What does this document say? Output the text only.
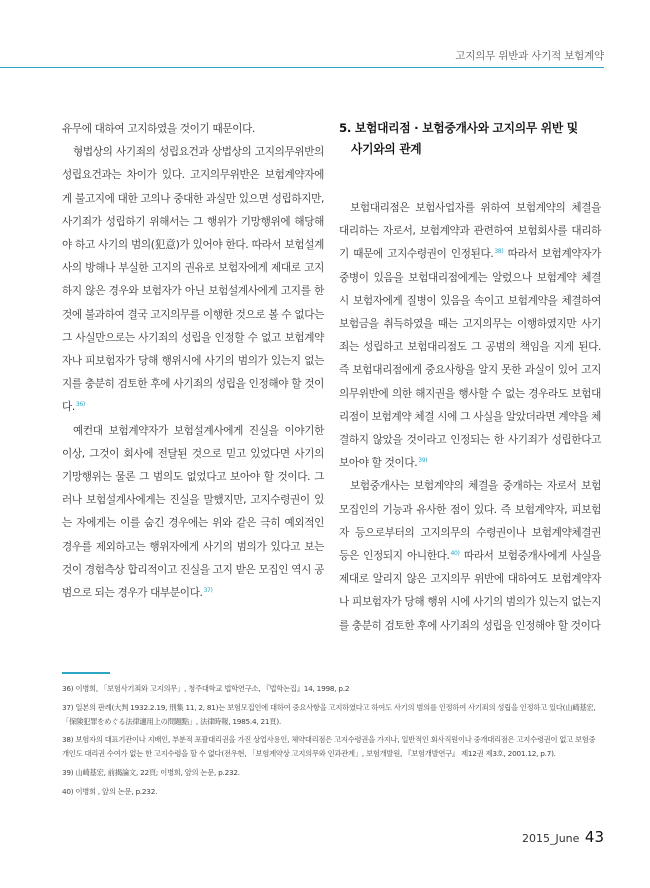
고지의무 위반과 사기적 보험계약

유무에 대하여 고지하였을 것이기 때문이다.

형법상의 사기죄의 성립요건과 상법상의 고지의무위반의 성립요건과는 차이가 있다. 고지의무위반은 보험계약자에게 불고지에 대한 고의나 중대한 과실만 있으면 성립하지만, 사기죄가 성립하기 위해서는 그 행위가 기망행위에 해당해야 하고 사기의 범의(犯意)가 있어야 한다. 따라서 보험설계사의 방해나 부실한 고지의 권유로 보험자에게 제대로 고지하지 않은 경우와 보험자가 아닌 보험설계사에게 고지를 한 것에 불과하여 결국 고지의무를 이행한 것으로 볼 수 없다는 그 사실만으로는 사기죄의 성립을 인정할 수 없고 보험계약자나 피보험자가 당해 행위시에 사기의 범의가 있는지 없는지를 충분히 검토한 후에 사기죄의 성립을 인정해야 할 것이다.$^{36)}$

예컨대 보험계약자가 보험설계사에게 진실을 이야기한 이상, 그것이 회사에 전달된 것으로 믿고 있었다면 사기의 기망행위는 물론 그 범의도 없었다고 보아야 할 것이다. 그러나 보험설계사에게는 진실을 말했지만, 고지수령권이 있는 자에게는 이를 숨긴 경우에는 위와 같은 극히 예외적인 경우를 제외하고는 행위자에게 사기의 범의가 있다고 보는 것이 경험측상 합리적이고 진실을 고지 받은 모집인 역시 공범으로 되는 경우가 대부분이다.$^{37)}$

5. 보험대리점 · 보험중개사와 고지의무 위반 및
사기와의 관계

보험대리점은 보험사업자를 위하여 보험계약의 체결을 대리하는 자로서, 보험계약과 관련하여 보험회사를 대리하기 때문에 고지수령권이 인정된다.$^{38)}$ 따라서 보험계약자가 중병이 있음을 보험대리점에게는 알렸으나 보험계약 체결시 보험자에게 질병이 있음을 속이고 보험계약을 체결하여 보험금을 취득하였을 때는 고지의무는 이행하였지만 사기죄는 성립하고 보험대리점도 그 공범의 책임을 지게 된다. 즉 보험대리점에게 중요사항을 알지 못한 과실이 있어 고지의무위반에 의한 해지권을 행사할 수 없는 경우라도 보험대리점이 보험계약 체결 시에 그 사실을 알았더라면 계약을 체결하지 않았을 것이라고 인정되는 한 사기죄가 성립한다고 보아야 할 것이다.$^{39)}$

보험중개사는 보험계약의 체결을 중개하는 자로서 보험모집인의 기능과 유사한 점이 있다. 즉 보험계약자, 피보험자 등으로부터의 고지의무의 수령권이나 보험계약체결권 등은 인정되지 아니한다.$^{40)}$ 따라서 보험중개사에게 사실을 제대로 알리지 않은 고지의무 위반에 대하여도 보험계약자나 피보험자가 당해 행위 시에 사기의 범의가 있는지 없는지를 충분히 검토한 후에 사기죄의 성립을 인정해야 할 것이다

36) 이병희, 「보험사기죄와 고지의무」, 청주대학교 법학연구소, 『법학논집』14, 1998, p.2

37) 일본의 판례(大判 1932.2.19, 刑集 11, 2, 81)는 보험모집인에 대하여 중요사항을 고지하였다고 하여도 사기의 범의를 인정하여 사기죄의 성립을 인정하고 있다(山崎基宏, 「保険犯罪をめぐる法律適用上の問題點」, 法律時報, 1985.4, 21頁).

38) 보험자의 대표기관이나 지배인, 부분적 포괄대리권을 가진 상업사용인, 체약대리점은 고지수령권을 가지나, 일반적인 회사직원이나 중개대리점은 고지수령권이 없고 보험중개인도 대리권 수여가 없는 한 고지수령을 할 수 없다(전우현, 「보험계약상 고지의무와 인과관계」, 보험개발원, 『보험개발연구』 제12권 제3호, 2001.12, p.7).

39) 山崎基宏, 前揭論文, 22頁; 이병희, 앞의 논문, p.232.

40) 이병희 , 앞의 논문, p.232.

2015_June 43
